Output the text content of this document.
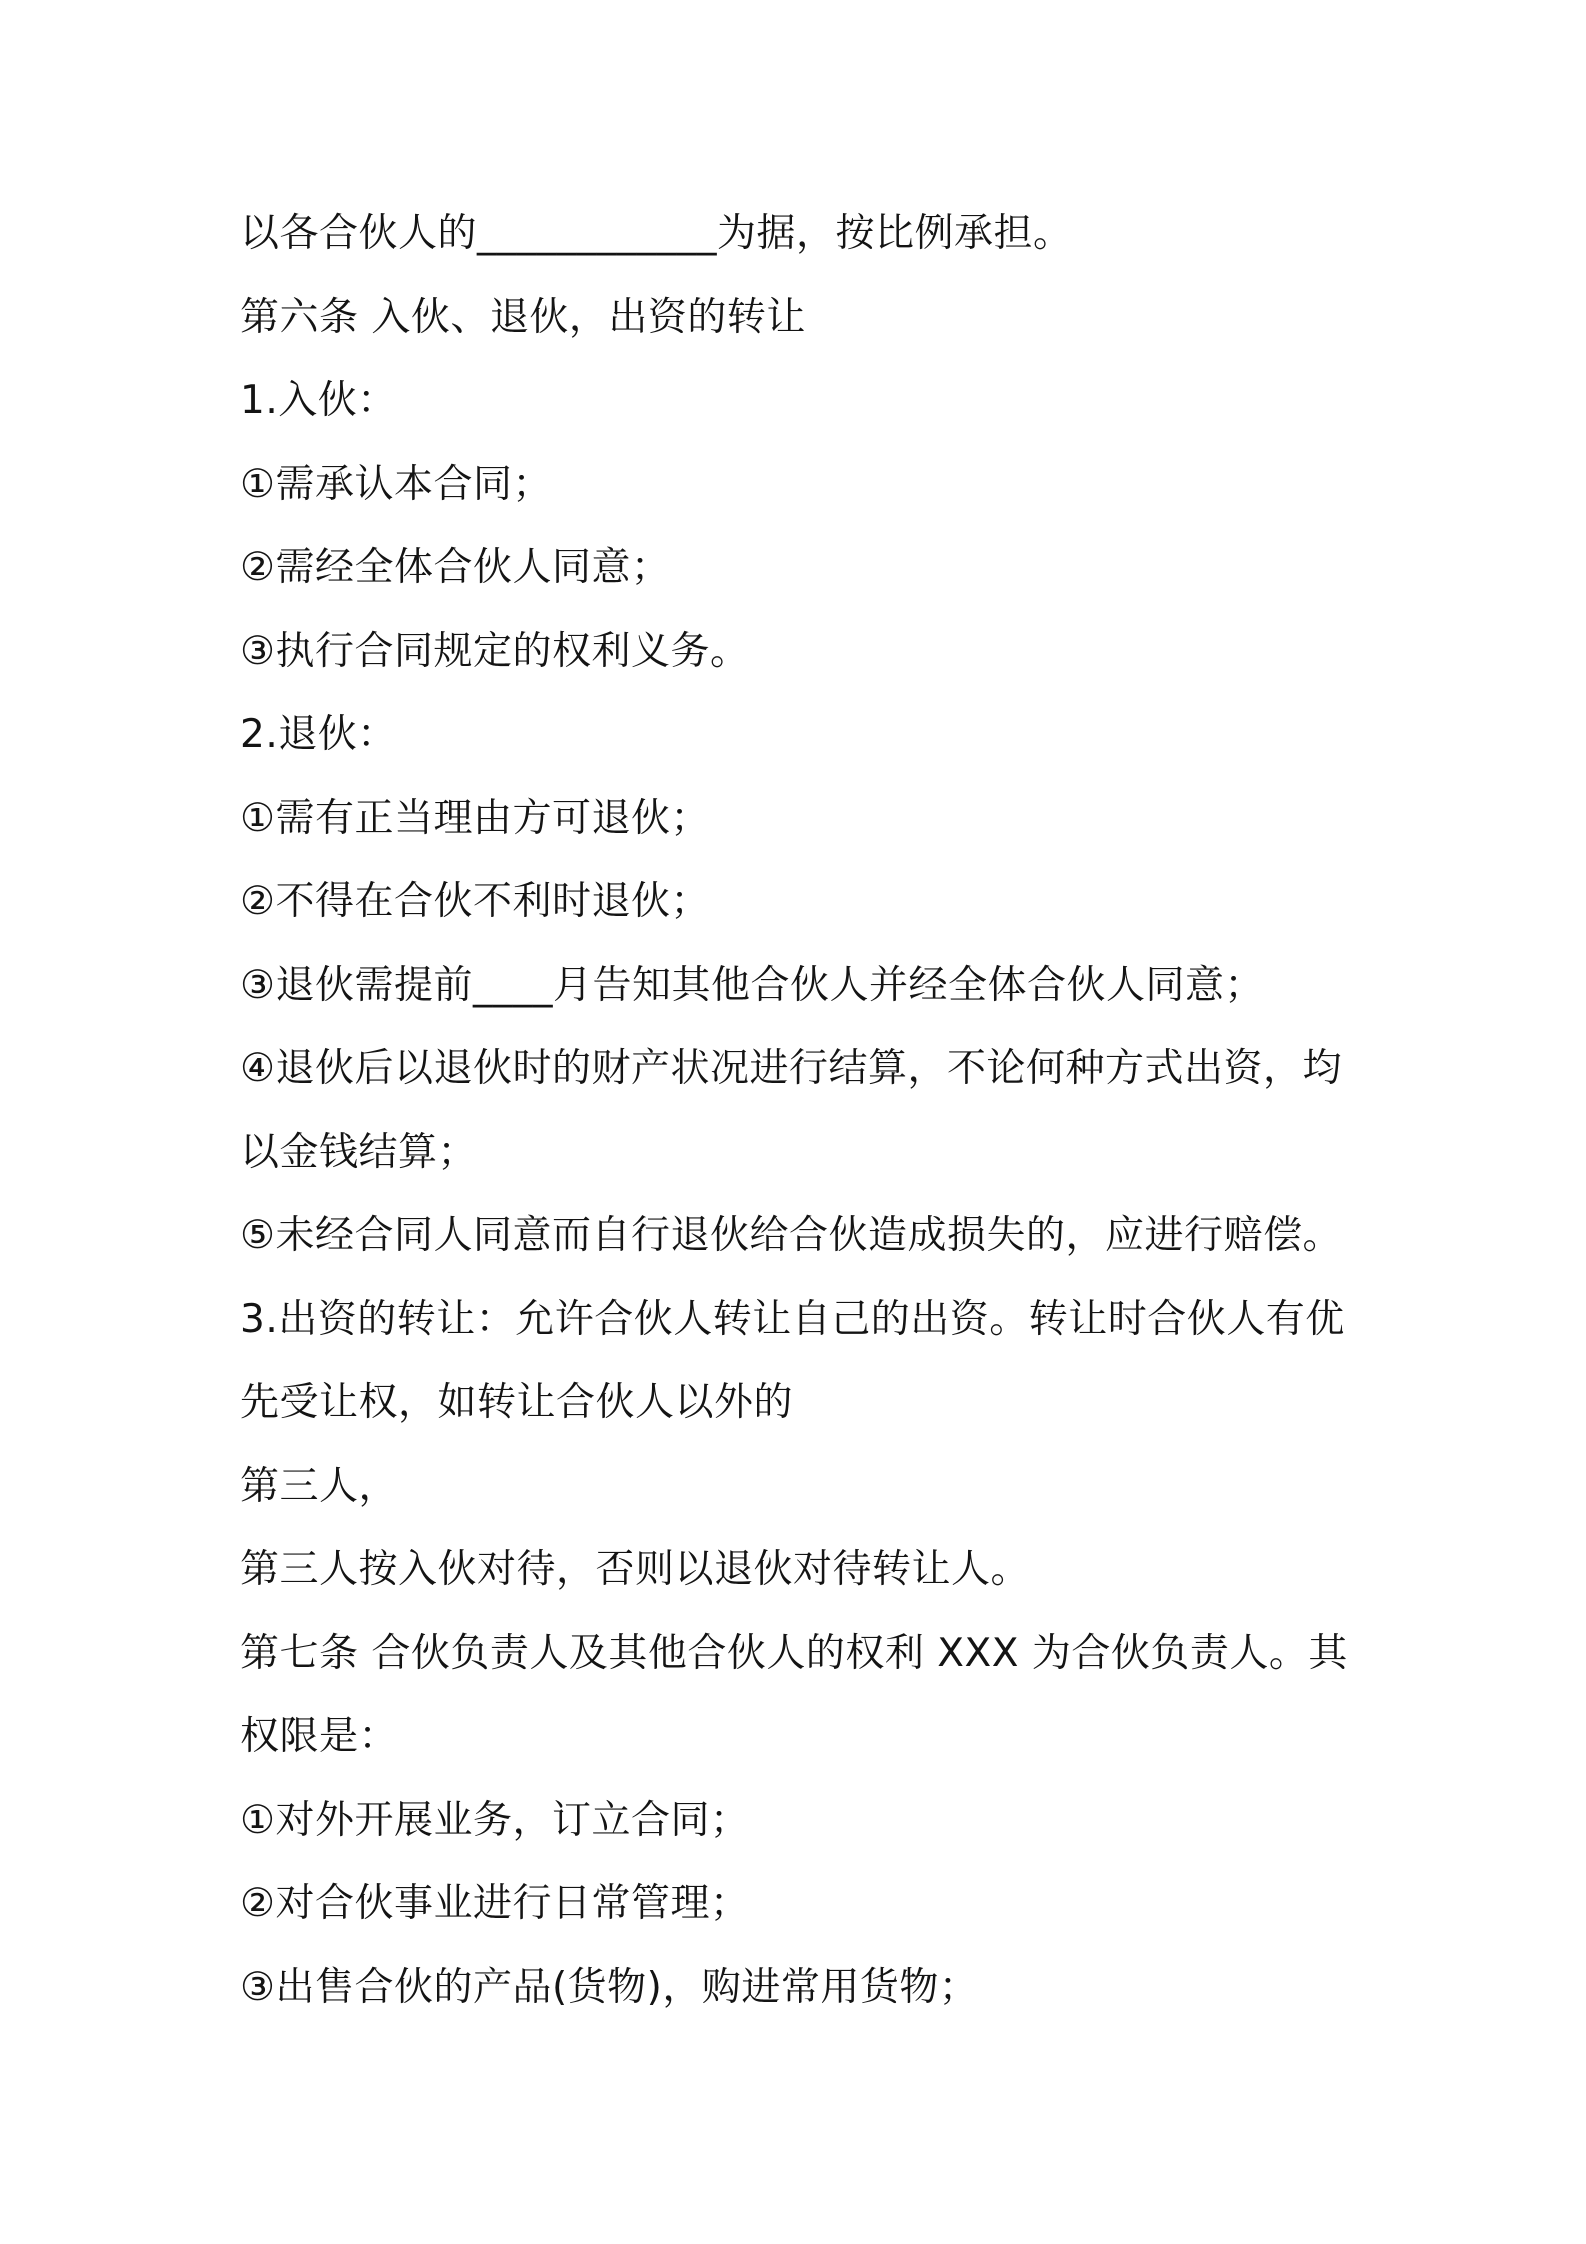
以各合伙人的____________为据，按比例承担。
第六条 入伙、退伙，出资的转让
1.入伙：
①需承认本合同；
②需经全体合伙人同意；
③执行合同规定的权利义务。
2.退伙：
①需有正当理由方可退伙；
②不得在合伙不利时退伙；
③退伙需提前____月告知其他合伙人并经全体合伙人同意；
④退伙后以退伙时的财产状况进行结算，不论何种方式出资，均
以金钱结算；
⑤未经合同人同意而自行退伙给合伙造成损失的，应进行赔偿。
3.出资的转让：允许合伙人转让自己的出资。转让时合伙人有优
先受让权，如转让合伙人以外的
第三人，
第三人按入伙对待，否则以退伙对待转让人。
第七条 合伙负责人及其他合伙人的权利 XXX 为合伙负责人。其
权限是：
①对外开展业务，订立合同；
②对合伙事业进行日常管理；
③出售合伙的产品(货物)，购进常用货物；
